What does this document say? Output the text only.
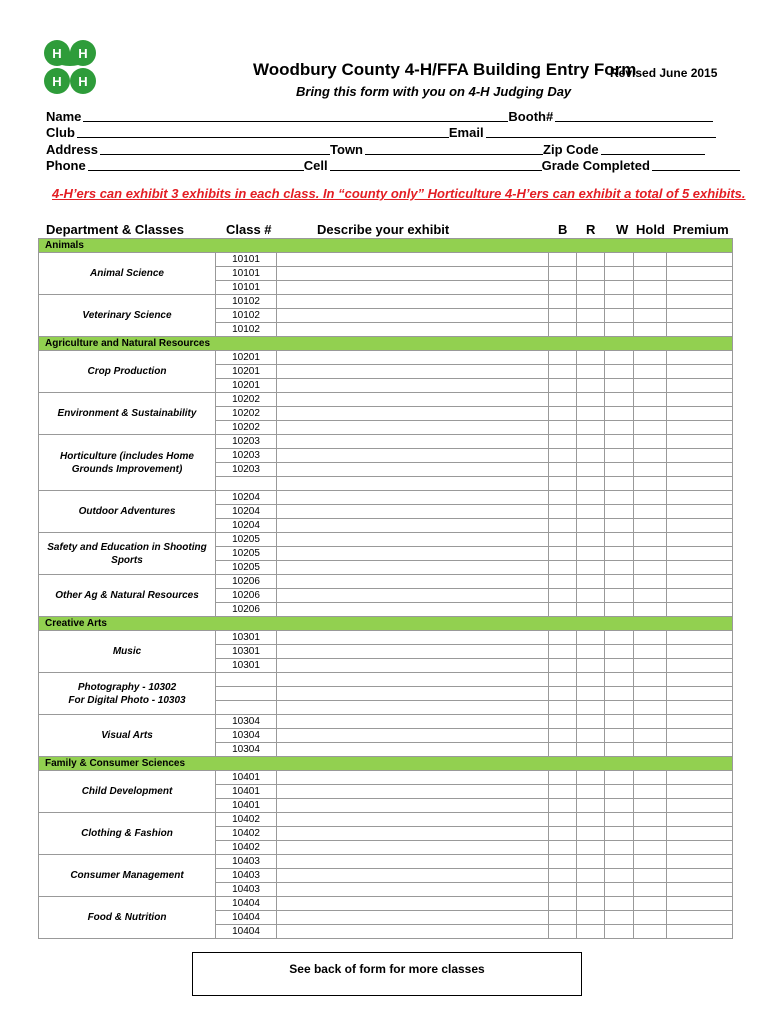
H H
H H
Woodbury County 4-H/FFA Building Entry Form
Revised June 2015
Bring this form with you on 4-H Judging Day
Name	Booth#
Club	Email
Address	Town	Zip Code
Phone	Cell	Grade Completed
4-H’ers can exhibit 3 exhibits in each class. In “county only” Horticulture 4-H’ers can exhibit a total of 5 exhibits.
Department & Classes	Class #	Describe your exhibit	B R W Hold Premium
Animals							
Animal Science	10101						
	10101						
	10101						
Veterinary Science	10102						
	10102						
	10102						
Agriculture and Natural Resources							
Crop Production	10201						
	10201						
	10201						
Environment & Sustainability	10202						
	10202						
	10202						
Horticulture (includes Home Grounds Improvement)	10203						
	10203						
	10203						

Outdoor Adventures	10204						
	10204						
	10204						
Safety and Education in Shooting Sports	10205						
	10205						
	10205						
Other Ag & Natural Resources	10206						
	10206						
	10206						
Creative Arts							
Music	10301						
	10301						
	10301						
Photography - 10302
For Digital Photo - 10303							

Visual Arts	10304						
	10304						
	10304						
Family & Consumer Sciences							
Child Development	10401						
	10401						
	10401						
Clothing & Fashion	10402						
	10402						
	10402						
Consumer Management	10403						
	10403						
	10403						
Food & Nutrition	10404						
	10404						
	10404						
See back of form for more classes
